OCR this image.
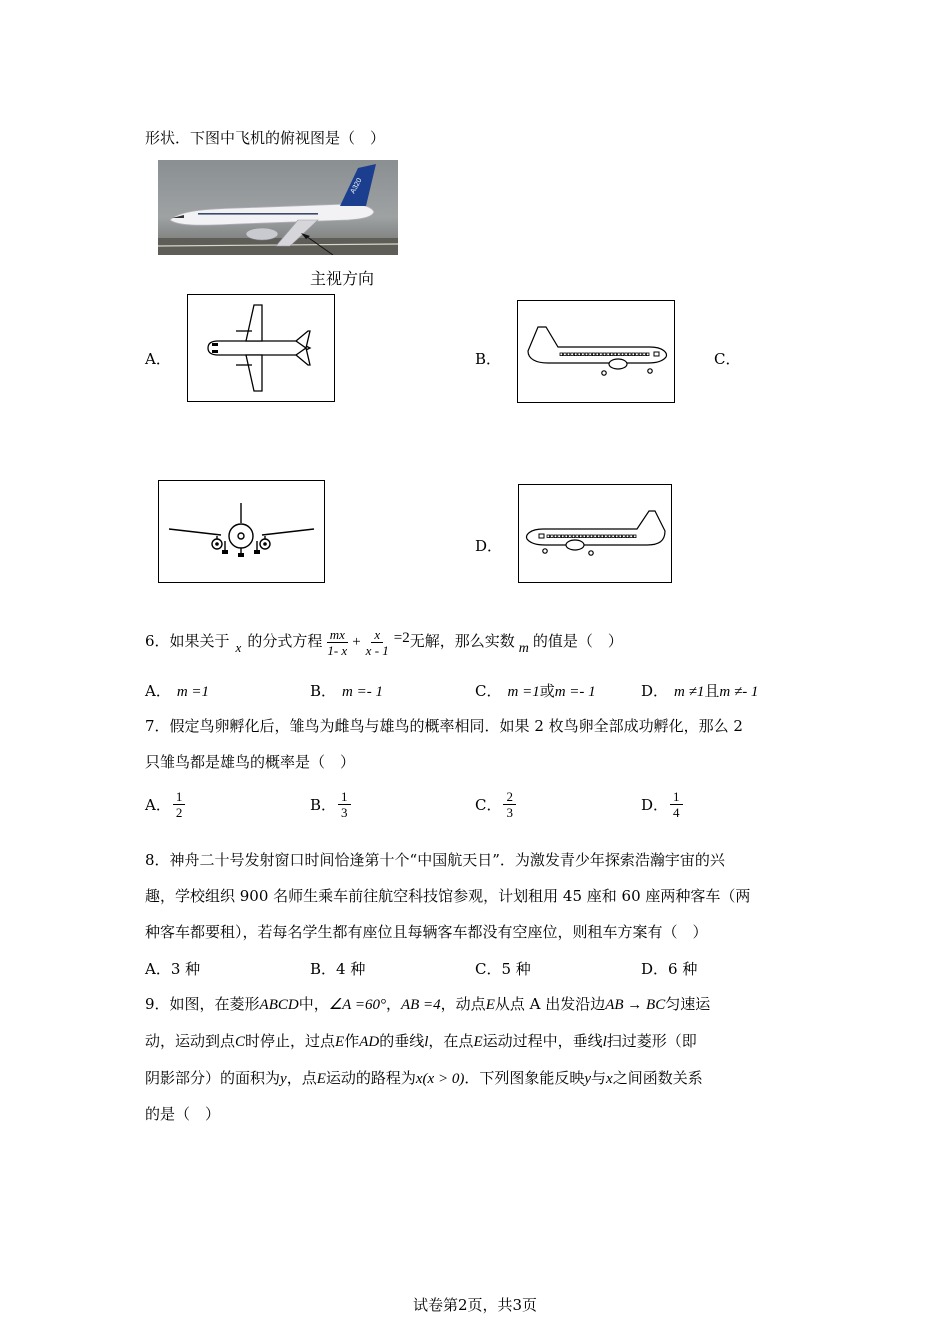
形状．下图中飞机的俯视图是（　）
A320
主视方向
A．	B．	C．
D．
6．如果关于 x 的分式方程 $\frac{mx}{1- x} + \frac{x}{x - 1} =2$无解，那么实数 m 的值是（　）
A． m =1	B． m =- 1	C． m =1或m =- 1	D． m ≠1且m ≠- 1
7．假定鸟卵孵化后，雏鸟为雌鸟与雄鸟的概率相同．如果 2 枚鸟卵全部成功孵化，那么 2
只雏鸟都是雄鸟的概率是（　）
A． $\frac{1}{2}$	B． $\frac{1}{3}$	C． $\frac{2}{3}$	D． $\frac{1}{4}$
8．神舟二十号发射窗口时间恰逢第十个“中国航天日”．为激发青少年探索浩瀚宇宙的兴
趣，学校组织 900 名师生乘车前往航空科技馆参观，计划租用 45 座和 60 座两种客车（两
种客车都要租），若每名学生都有座位且每辆客车都没有空座位，则租车方案有（　）
A．3 种	B．4 种	C．5 种	D．6 种
9．如图，在菱形ABCD中，∠A =60°，AB =4，动点E从点 A 出发沿边AB → BC匀速运
动，运动到点C时停止，过点E作AD的垂线l，在点E运动过程中，垂线l扫过菱形（即
阴影部分）的面积为y，点E运动的路程为x(x > 0)．下列图象能反映y与x之间函数关系
的是（　）
试卷第2页，共3页
